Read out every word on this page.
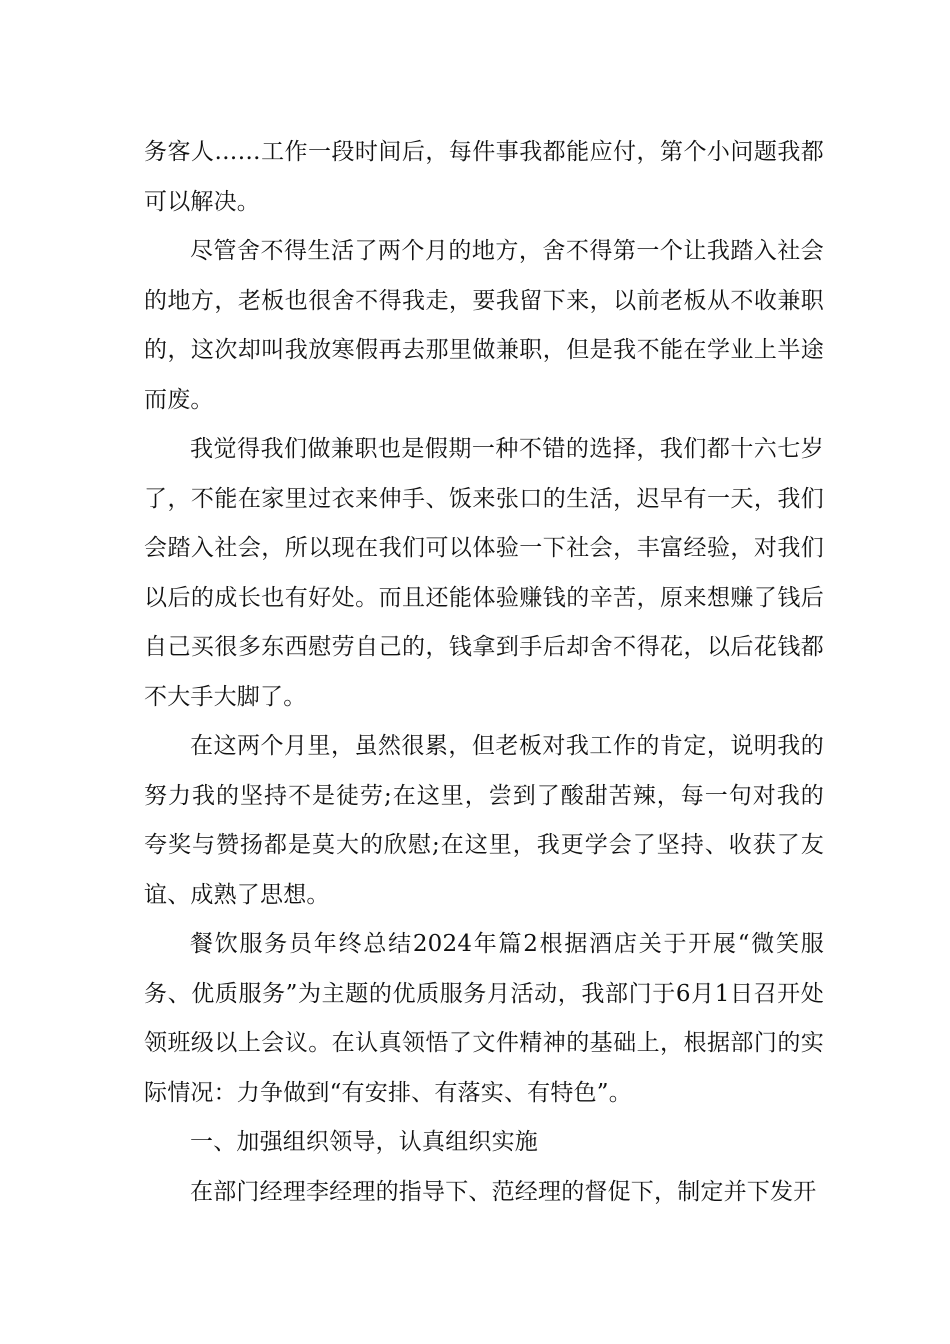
务客人……工作一段时间后，每件事我都能应付，第个小问题我都可以解决。

尽管舍不得生活了两个月的地方，舍不得第一个让我踏入社会的地方，老板也很舍不得我走，要我留下来，以前老板从不收兼职的，这次却叫我放寒假再去那里做兼职，但是我不能在学业上半途而废。

我觉得我们做兼职也是假期一种不错的选择，我们都十六七岁了，不能在家里过衣来伸手、饭来张口的生活，迟早有一天，我们会踏入社会，所以现在我们可以体验一下社会，丰富经验，对我们以后的成长也有好处。而且还能体验赚钱的辛苦，原来想赚了钱后自己买很多东西慰劳自己的，钱拿到手后却舍不得花，以后花钱都不大手大脚了。

在这两个月里，虽然很累，但老板对我工作的肯定，说明我的努力我的坚持不是徒劳;在这里，尝到了酸甜苦辣，每一句对我的夸奖与赞扬都是莫大的欣慰;在这里，我更学会了坚持、收获了友谊、成熟了思想。

餐饮服务员年终总结2024年篇2根据酒店关于开展“微笑服务、优质服务”为主题的优质服务月活动，我部门于6月1日召开处领班级以上会议。在认真领悟了文件精神的基础上，根据部门的实际情况：力争做到“有安排、有落实、有特色”。

一、加强组织领导，认真组织实施

在部门经理李经理的指导下、范经理的督促下，制定并下发开
